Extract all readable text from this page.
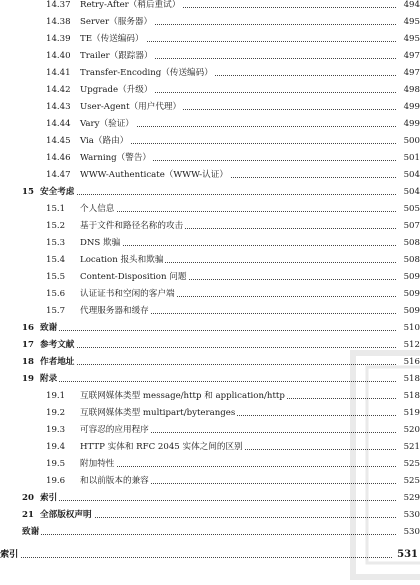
14.37 Retry-After（稍后重试）	494
14.38 Server（服务器）	495
14.39 TE（传送编码）	495
14.40 Trailer（跟踪器）	497
14.41 Transfer-Encoding（传送编码）	497
14.42 Upgrade（升级）	498
14.43 User-Agent（用户代理）	499
14.44 Vary（验证）	499
14.45 Via（路由）	500
14.46 Warning（警告）	501
14.47 WWW-Authenticate（WWW-认证）	504
15 安全考虑	504
15.1 个人信息	505
15.2 基于文件和路径名称的攻击	507
15.3 DNS 欺骗	508
15.4 Location 报头和欺骗	508
15.5 Content-Disposition 问题	509
15.6 认证证书和空闲的客户端	509
15.7 代理服务器和缓存	509
16 致谢	510
17 参考文献	512
18 作者地址	516
19 附录	518
19.1 互联网媒体类型 message/http 和 application/http	518
19.2 互联网媒体类型 multipart/byteranges	519
19.3 可容忍的应用程序	520
19.4 HTTP 实体和 RFC 2045 实体之间的区别	521
19.5 附加特性	525
19.6 和以前版本的兼容	525
20 索引	529
21 全部版权声明	530
致谢	530
索引	531
